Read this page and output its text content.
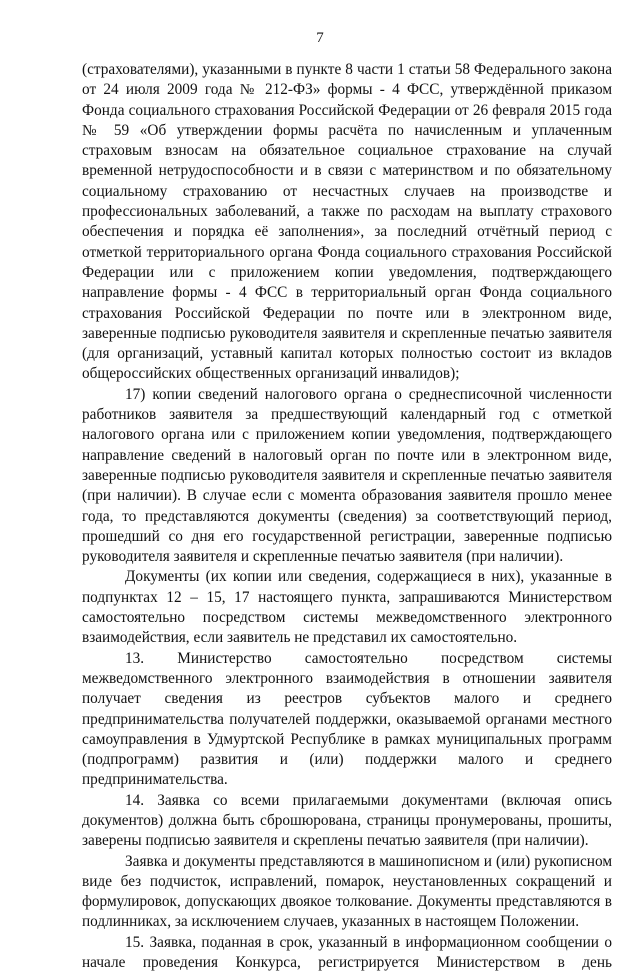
7
(страхователями), указанными в пункте 8 части 1 статьи 58 Федерального закона
от 24 июля 2009 года № 212-ФЗ» формы - 4 ФСС, утверждённой приказом
Фонда социального страхования Российской Федерации от 26 февраля 2015 года
№ 59 «Об утверждении формы расчёта по начисленным и уплаченным
страховым взносам на обязательное социальное страхование на случай
временной нетрудоспособности и в связи с материнством и по обязательному
социальному страхованию от несчастных случаев на производстве и
профессиональных заболеваний, а также по расходам на выплату страхового
обеспечения и порядка её заполнения», за последний отчётный период с
отметкой территориального органа Фонда социального страхования Российской
Федерации или с приложением копии уведомления, подтверждающего
направление формы - 4 ФСС в территориальный орган Фонда социального
страхования Российской Федерации по почте или в электронном виде,
заверенные подписью руководителя заявителя и скрепленные печатью заявителя
(для организаций, уставный капитал которых полностью состоит из вкладов
общероссийских общественных организаций инвалидов);
17) копии сведений налогового органа о среднесписочной численности
работников заявителя за предшествующий календарный год с отметкой
налогового органа или с приложением копии уведомления, подтверждающего
направление сведений в налоговый орган по почте или в электронном виде,
заверенные подписью руководителя заявителя и скрепленные печатью заявителя
(при наличии). В случае если с момента образования заявителя прошло менее
года, то представляются документы (сведения) за соответствующий период,
прошедший со дня его государственной регистрации, заверенные подписью
руководителя заявителя и скрепленные печатью заявителя (при наличии).
Документы (их копии или сведения, содержащиеся в них), указанные в
подпунктах 12 – 15, 17 настоящего пункта, запрашиваются Министерством
самостоятельно посредством системы межведомственного электронного
взаимодействия, если заявитель не представил их самостоятельно.
13. Министерство самостоятельно посредством системы
межведомственного электронного взаимодействия в отношении заявителя
получает сведения из реестров субъектов малого и среднего
предпринимательства получателей поддержки, оказываемой органами местного
самоуправления в Удмуртской Республике в рамках муниципальных программ
(подпрограмм) развития и (или) поддержки малого и среднего
предпринимательства.
14. Заявка со всеми прилагаемыми документами (включая опись
документов) должна быть сброшюрована, страницы пронумерованы, прошиты,
заверены подписью заявителя и скреплены печатью заявителя (при наличии).
Заявка и документы представляются в машинописном и (или) рукописном
виде без подчисток, исправлений, помарок, неустановленных сокращений и
формулировок, допускающих двоякое толкование. Документы представляются в
подлинниках, за исключением случаев, указанных в настоящем Положении.
15. Заявка, поданная в срок, указанный в информационном сообщении о
начале проведения Конкурса, регистрируется Министерством в день
